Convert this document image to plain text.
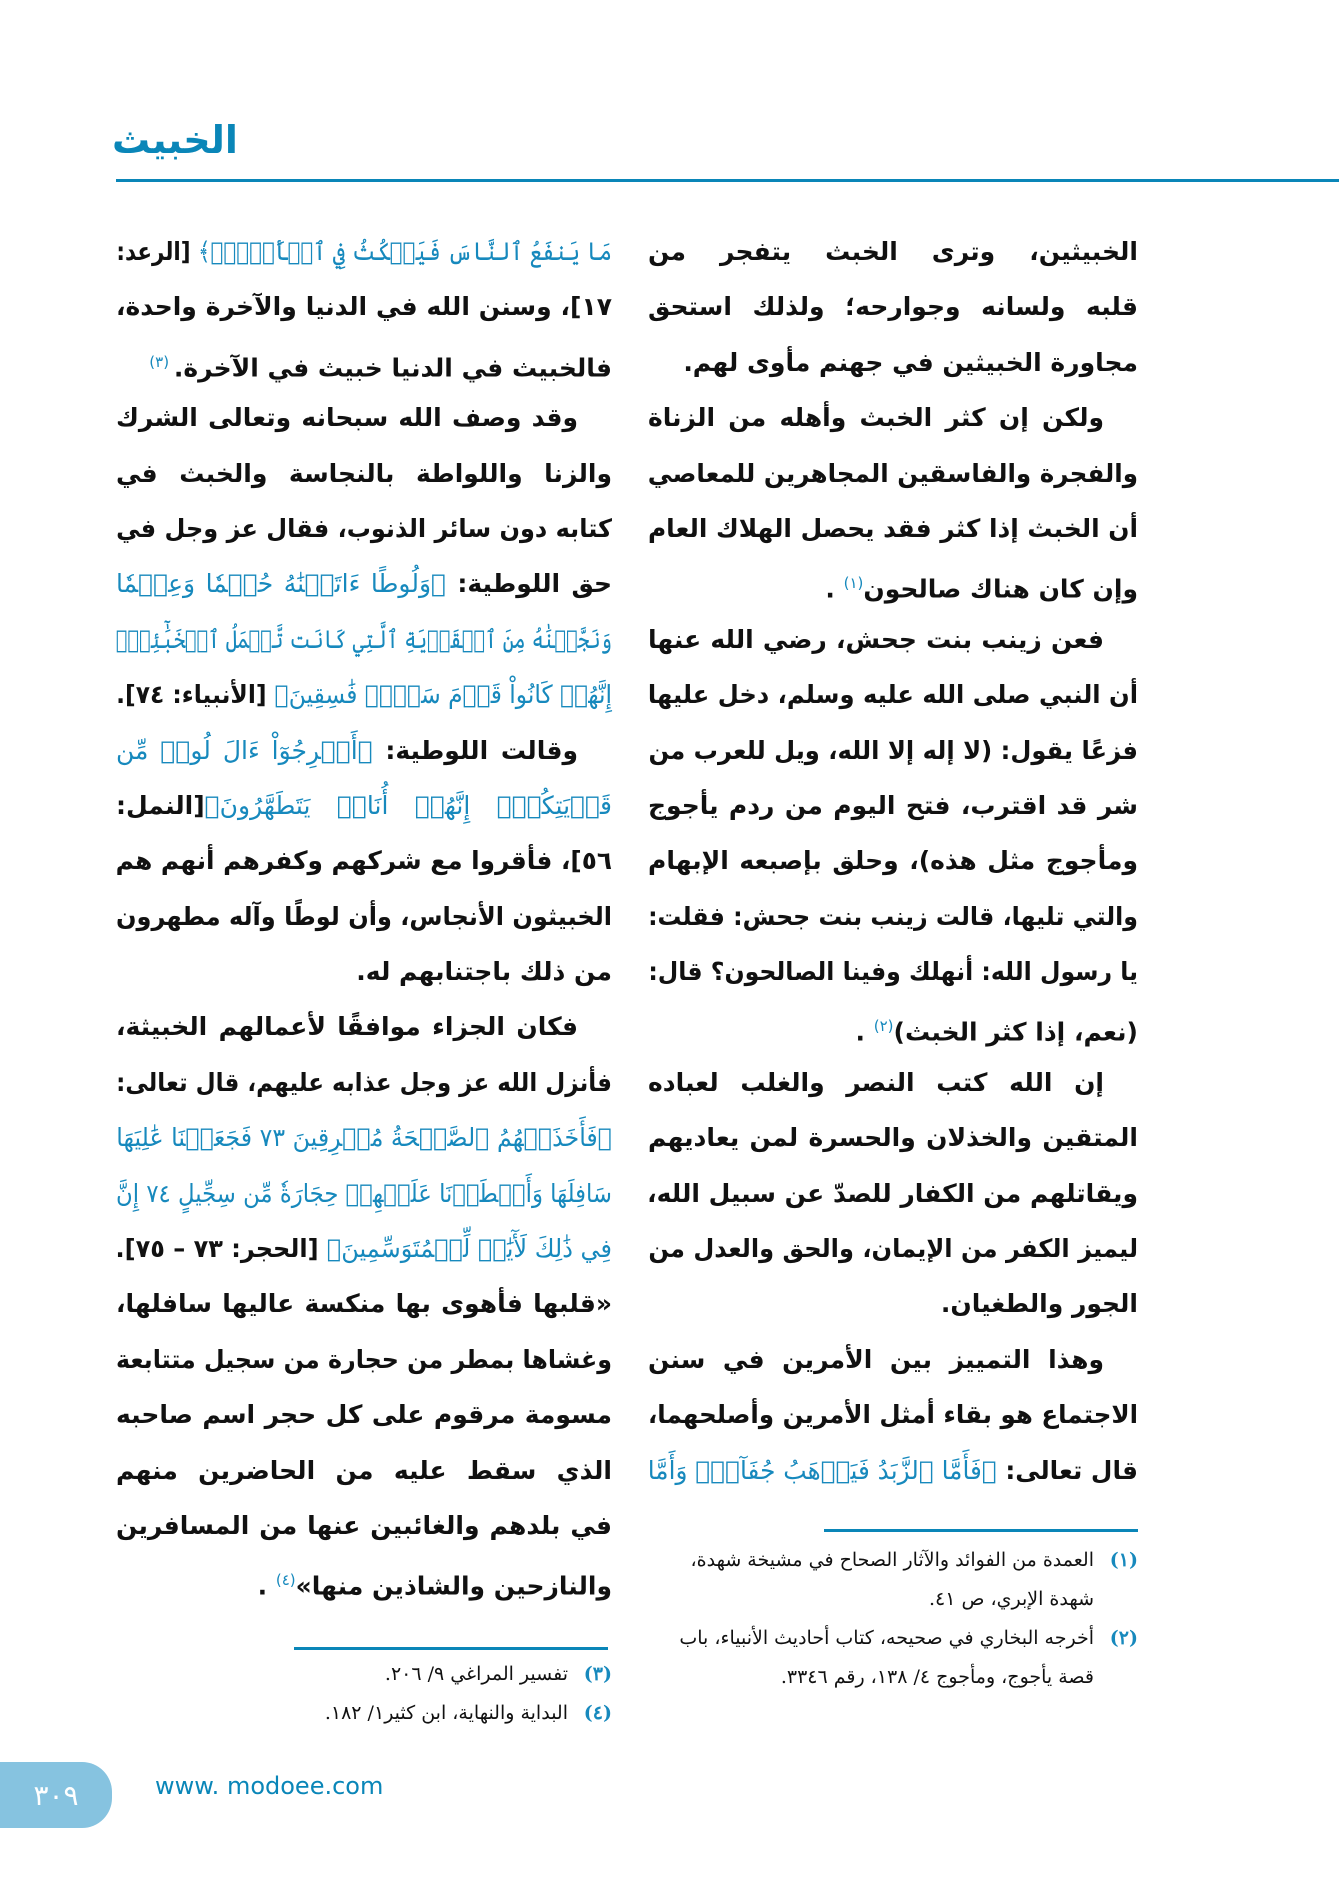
الخبيث
الخبيثين، وترى الخبث يتفجر من
قلبه ولسانه وجوارحه؛ ولذلك استحق
مجاورة الخبيثين في جهنم مأوى لهم.
ولكن إن كثر الخبث وأهله من الزناة
والفجرة والفاسقين المجاهرين للمعاصي
أن الخبث إذا كثر فقد يحصل الهلاك العام
وإن كان هناك صالحون$^{(١)}$ .
فعن زينب بنت جحش، رضي الله عنها
أن النبي صلى الله عليه وسلم، دخل عليها
فزعًا يقول: (لا إله إلا الله، ويل للعرب من
شر قد اقترب، فتح اليوم من ردم يأجوج
ومأجوج مثل هذه)، وحلق بإصبعه الإبهام
والتي تليها، قالت زينب بنت جحش: فقلت:
يا رسول الله: أنهلك وفينا الصالحون؟ قال:
(نعم، إذا كثر الخبث)$^{(٢)}$ .
إن الله كتب النصر والغلب لعباده
المتقين والخذلان والحسرة لمن يعاديهم
ويقاتلهم من الكفار للصدّ عن سبيل الله،
ليميز الكفر من الإيمان، والحق والعدل من
الجور والطغيان.
وهذا التمييز بين الأمرين في سنن
الاجتماع هو بقاء أمثل الأمرين وأصلحهما،
قال تعالى: ﴿فَأَمَّا ٱلزَّبَدُ فَيَذۡهَبُ جُفَآءٗۖ وَأَمَّا
مَا يَنفَعُ ٱلنَّاسَ فَيَمۡكُثُ فِي ٱلۡأَرۡضِۚ﴾ [الرعد:
١٧]، وسنن الله في الدنيا والآخرة واحدة،
فالخبيث في الدنيا خبيث في الآخرة. $^{(٣)}$
وقد وصف الله سبحانه وتعالى الشرك
والزنا واللواطة بالنجاسة والخبث في
كتابه دون سائر الذنوب، فقال عز وجل في
حق اللوطية: ﴿وَلُوطًا ءَاتَيۡنَٰهُ حُكۡمٗا وَعِلۡمٗا
وَنَجَّيۡنَٰهُ مِنَ ٱلۡقَرۡيَةِ ٱلَّتِي كَانَت تَّعۡمَلُ ٱلۡخَبَٰٓئِثَۚ
إِنَّهُمۡ كَانُواْ قَوۡمَ سَوۡءٖ فَٰسِقِينَ﴾ [الأنبياء: ٧٤].
وقالت اللوطية: ﴿أَخۡرِجُوٓاْ ءَالَ لُوطٖ مِّن
قَرۡيَتِكُمۡۖ إِنَّهُمۡ أُنَاسٞ يَتَطَهَّرُونَ﴾[النمل:
٥٦]، فأقروا مع شركهم وكفرهم أنهم هم
الخبيثون الأنجاس، وأن لوطًا وآله مطهرون
من ذلك باجتنابهم له.
فكان الجزاء موافقًا لأعمالهم الخبيثة،
فأنزل الله عز وجل عذابه عليهم، قال تعالى:
﴿فَأَخَذَتۡهُمُ ٱلصَّيۡحَةُ مُشۡرِقِينَ ٧٣ فَجَعَلۡنَا عَٰلِيَهَا
سَافِلَهَا وَأَمۡطَرۡنَا عَلَيۡهِمۡ حِجَارَةٗ مِّن سِجِّيلٍ ٧٤ إِنَّ
فِي ذَٰلِكَ لَأٓيَٰتٖ لِّلۡمُتَوَسِّمِينَ﴾ [الحجر: ٧٣ – ٧٥].
«قلبها فأهوى بها منكسة عاليها سافلها،
وغشاها بمطر من حجارة من سجيل متتابعة
مسومة مرقوم على كل حجر اسم صاحبه
الذي سقط عليه من الحاضرين منهم
في بلدهم والغائبين عنها من المسافرين
والنازحين والشاذين منها»$^{(٤)}$ .
(١)
العمدة من الفوائد والآثار الصحاح في مشيخة شهدة، شهدة الإبري، ص ٤١.
(٢)
أخرجه البخاري في صحيحه، كتاب أحاديث الأنبياء، باب قصة يأجوج، ومأجوج ٤/ ١٣٨، رقم ٣٣٤٦.
(٣)
تفسير المراغي ٩/ ٢٠٦.
(٤)
البداية والنهاية، ابن كثير١/ ١٨٢.
٣٠٩	www. modoee.com
